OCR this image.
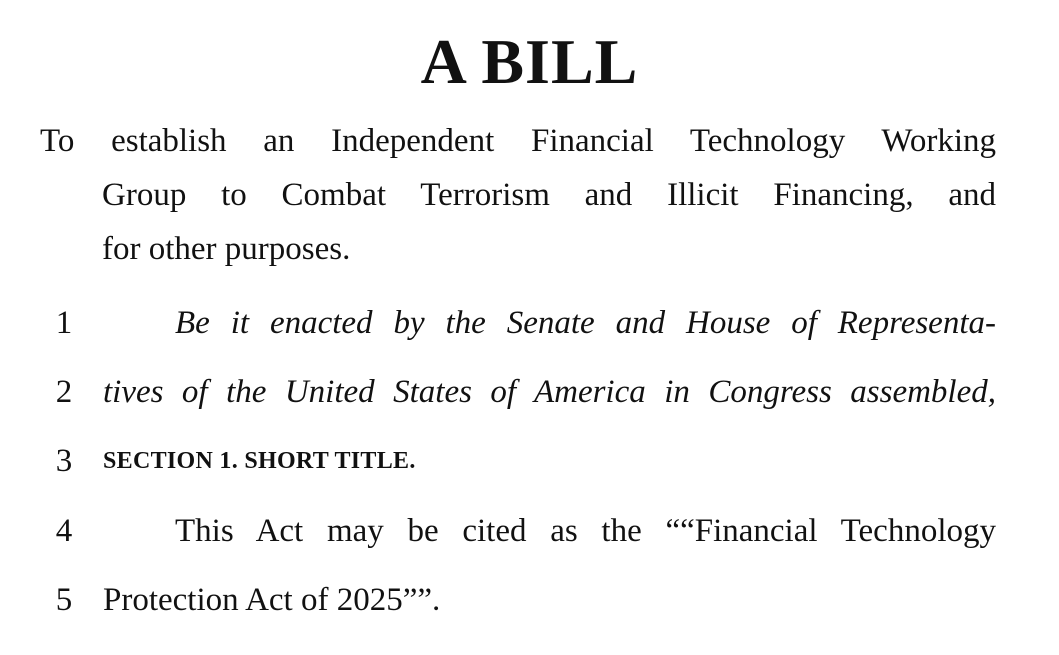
A BILL
To establish an Independent Financial Technology Working
Group to Combat Terrorism and Illicit Financing, and
for other purposes.
1	Be it enacted by the Senate and House of Representa-
2 tives of the United States of America in Congress assembled,
3	SECTION 1. SHORT TITLE.
4	This Act may be cited as the ““Financial Technology
5 Protection Act of 2025””.
